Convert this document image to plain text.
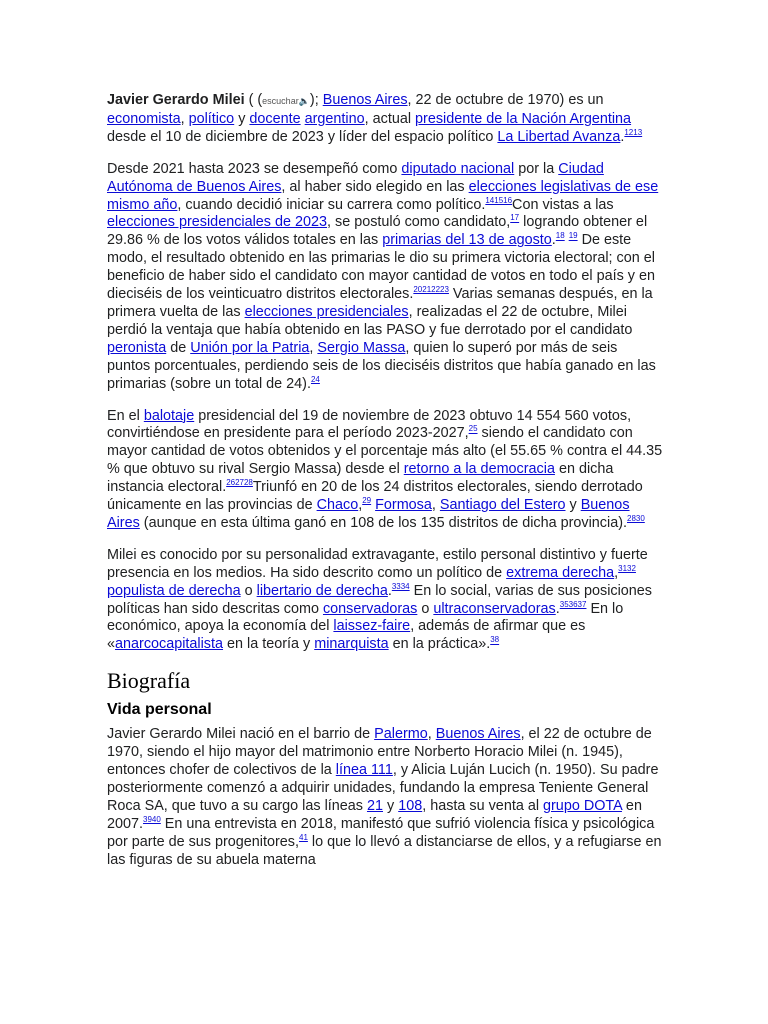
Javier Gerardo Milei ( (escuchar🔈); Buenos Aires, 22 de octubre de 1970) es un economista, político y docente argentino, actual presidente de la Nación Argentina desde el 10 de diciembre de 2023 y líder del espacio político La Libertad Avanza.$^{1213}$

Desde 2021 hasta 2023 se desempeñó como diputado nacional por la Ciudad Autónoma de Buenos Aires, al haber sido elegido en las elecciones legislativas de ese mismo año, cuando decidió iniciar su carrera como político.$^{141516}$Con vistas a las elecciones presidenciales de 2023, se postuló como candidato,$^{17}$ logrando obtener el 29.86 % de los votos válidos totales en las primarias del 13 de agosto.$^{18}$ $^{19}$ De este modo, el resultado obtenido en las primarias le dio su primera victoria electoral; con el beneficio de haber sido el candidato con mayor cantidad de votos en todo el país y en dieciséis de los veinticuatro distritos electorales.$^{20212223}$ Varias semanas después, en la primera vuelta de las elecciones presidenciales, realizadas el 22 de octubre, Milei perdió la ventaja que había obtenido en las PASO y fue derrotado por el candidato peronista de Unión por la Patria, Sergio Massa, quien lo superó por más de seis puntos porcentuales, perdiendo seis de los dieciséis distritos que había ganado en las primarias (sobre un total de 24).$^{24}$

En el balotaje presidencial del 19 de noviembre de 2023 obtuvo 14 554 560 votos, convirtiéndose en presidente para el período 2023-2027,25 siendo el candidato con mayor cantidad de votos obtenidos y el porcentaje más alto (el 55.65 % contra el 44.35 % que obtuvo su rival Sergio Massa) desde el retorno a la democracia en dicha instancia electoral.$^{262728}$Triunfó en 20 de los 24 distritos electorales, siendo derrotado únicamente en las provincias de Chaco,$^{29}$ Formosa, Santiago del Estero y Buenos Aires (aunque en esta última ganó en 108 de los 135 distritos de dicha provincia).$^{2830}$

Milei es conocido por su personalidad extravagante, estilo personal distintivo y fuerte presencia en los medios. Ha sido descrito como un político de extrema derecha,$^{3132}$ populista de derecha o libertario de derecha.$^{3334}$ En lo social, varias de sus posiciones políticas han sido descritas como conservadoras o ultraconservadoras.$^{353637}$ En lo económico, apoya la economía del laissez-faire, además de afirmar que es «anarcocapitalista en la teoría y minarquista en la práctica».$^{38}$

Biografía
Vida personal

Javier Gerardo Milei nació en el barrio de Palermo, Buenos Aires, el 22 de octubre de 1970, siendo el hijo mayor del matrimonio entre Norberto Horacio Milei (n. 1945), entonces chofer de colectivos de la línea 111, y Alicia Luján Lucich (n. 1950). Su padre posteriormente comenzó a adquirir unidades, fundando la empresa Teniente General Roca SA, que tuvo a su cargo las líneas 21 y 108, hasta su venta al grupo DOTA en 2007.$^{3940}$ En una entrevista en 2018, manifestó que sufrió violencia física y psicológica por parte de sus progenitores,$^{41}$ lo que lo llevó a distanciarse de ellos, y a refugiarse en las figuras de su abuela materna
